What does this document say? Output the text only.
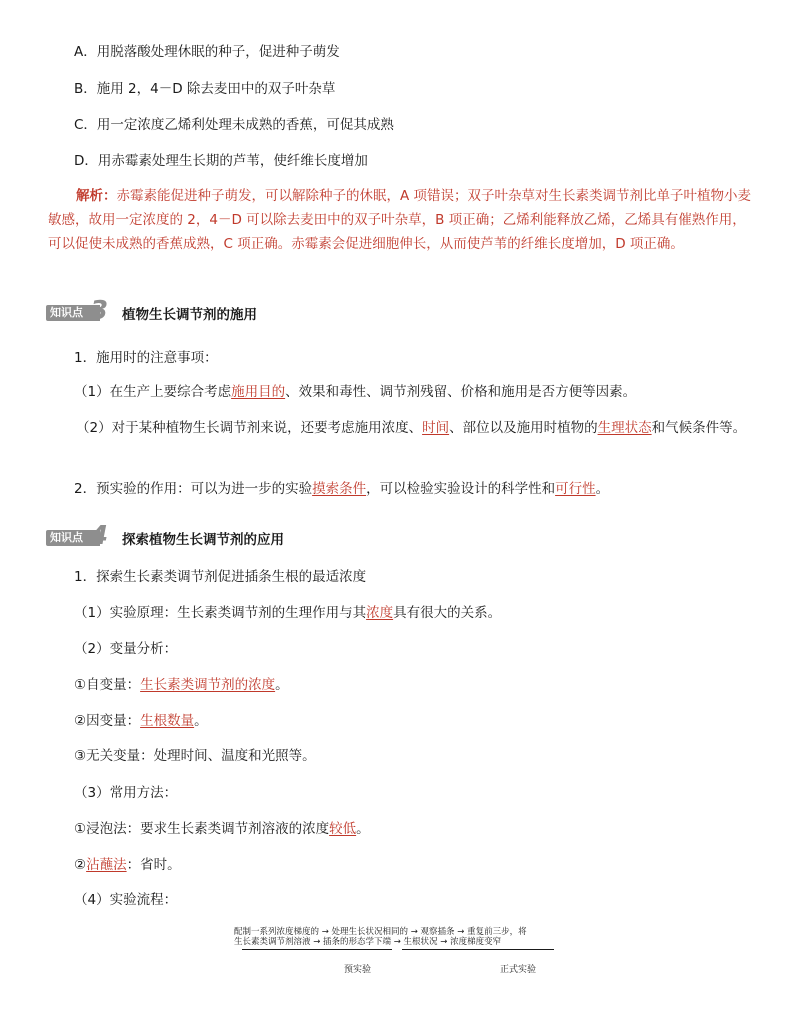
A．用脱落酸处理休眠的种子，促进种子萌发
B．施用 2，4－D 除去麦田中的双子叶杂草
C．用一定浓度乙烯利处理未成熟的香蕉，可促其成熟
D．用赤霉素处理生长期的芦苇，使纤维长度增加
解析：赤霉素能促进种子萌发，可以解除种子的休眠，A 项错误；双子叶杂草对生长素类调节剂比单子叶植物小麦敏感，故用一定浓度的 2，4－D 可以除去麦田中的双子叶杂草，B 项正确；乙烯利能释放乙烯，乙烯具有催熟作用，可以促使未成熟的香蕉成熟，C 项正确。赤霉素会促进细胞伸长，从而使芦苇的纤维长度增加，D 项正确。
知识点 3 植物生长调节剂的施用
1．施用时的注意事项：
（1）在生产上要综合考虑施用目的、效果和毒性、调节剂残留、价格和施用是否方便等因素。
（2）对于某种植物生长调节剂来说，还要考虑施用浓度、时间、部位以及施用时植物的生理状态和气候条件等。
2．预实验的作用：可以为进一步的实验摸索条件，可以检验实验设计的科学性和可行性。
知识点 4 探索植物生长调节剂的应用
1．探索生长素类调节剂促进插条生根的最适浓度
（1）实验原理：生长素类调节剂的生理作用与其浓度具有很大的关系。
（2）变量分析：
①自变量：生长素类调节剂的浓度。
②因变量：生根数量。
③无关变量：处理时间、温度和光照等。
（3）常用方法：
①浸泡法：要求生长素类调节剂溶液的浓度较低。
②沾蘸法：省时。
（4）实验流程：
配制一系列浓度梯度的 → 处理生长状况相同的 → 观察插条 → 重复前三步，将
生长素类调节剂溶液 → 插条的形态学下端 → 生根状况 → 浓度梯度变窄
预实验	正式实验
